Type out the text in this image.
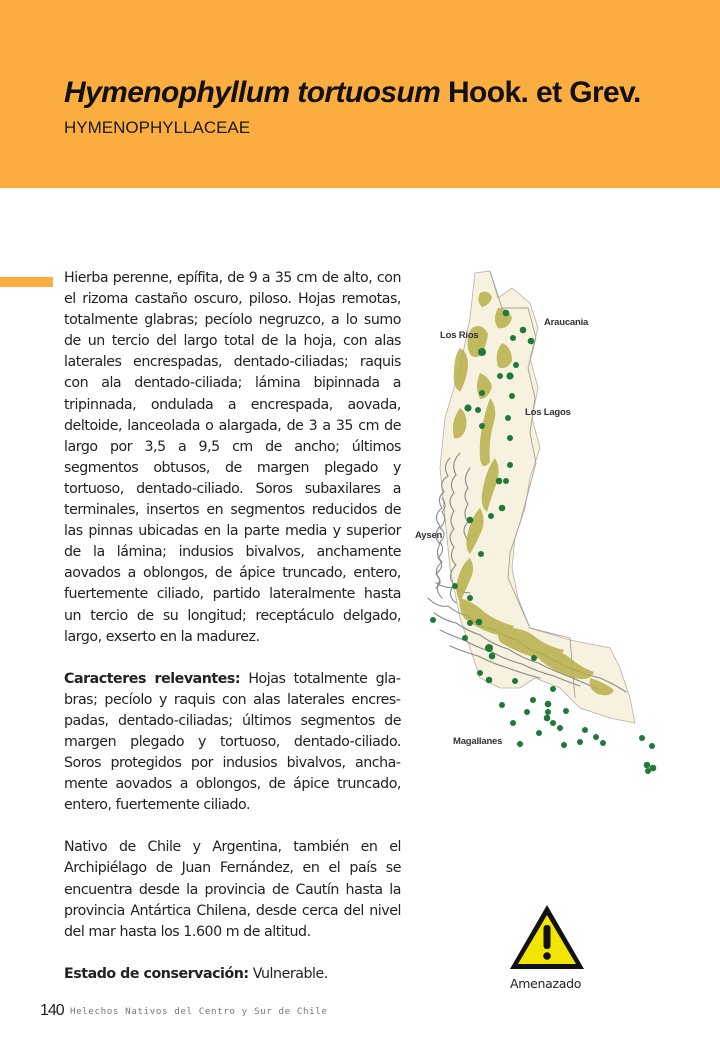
Hymenophyllum tortuosum Hook. et Grev.
HYMENOPHYLLACEAE

Hierba perenne, epífita, de 9 a 35 cm de alto, con el rizoma castaño oscuro, piloso. Hojas remotas, totalmente glabras; pecíolo negruzco, a lo sumo de un tercio del largo total de la hoja, con alas laterales encrespadas, dentado-ciliadas; raquis con ala dentado-ciliada; lámina bipinnada a tripinnada, ondulada a encrespada, aovada, deltoide, lanceolada o alargada, de 3 a 35 cm de largo por 3,5 a 9,5 cm de ancho; últimos segmentos obtusos, de margen plegado y tortuoso, dentado-ciliado. Soros subaxilares a terminales, insertos en segmentos reducidos de las pinnas ubicadas en la parte media y superior de la lámina; indusios bivalvos, anchamente aovados a oblongos, de ápice truncado, entero, fuertemente ciliado, partido lateralmente hasta un tercio de su longitud; receptáculo delgado, largo, exserto en la madurez.

Caracteres relevantes: Hojas totalmente glabras; pecíolo y raquis con alas laterales encrespadas, dentado-ciliadas; últimos segmentos de margen plegado y tortuoso, dentado-ciliado. Soros protegidos por indusios bivalvos, anchamente aovados a oblongos, de ápice truncado, entero, fuertemente ciliado.

Nativo de Chile y Argentina, también en el Archipiélago de Juan Fernández, en el país se encuentra desde la provincia de Cautín hasta la provincia Antártica Chilena, desde cerca del nivel del mar hasta los 1.600 m de altitud.

Estado de conservación: Vulnerable.

Araucania
Los Rios
Los Lagos
Aysen
Magallanes
Amenazado
140 Helechos Nativos del Centro y Sur de Chile
